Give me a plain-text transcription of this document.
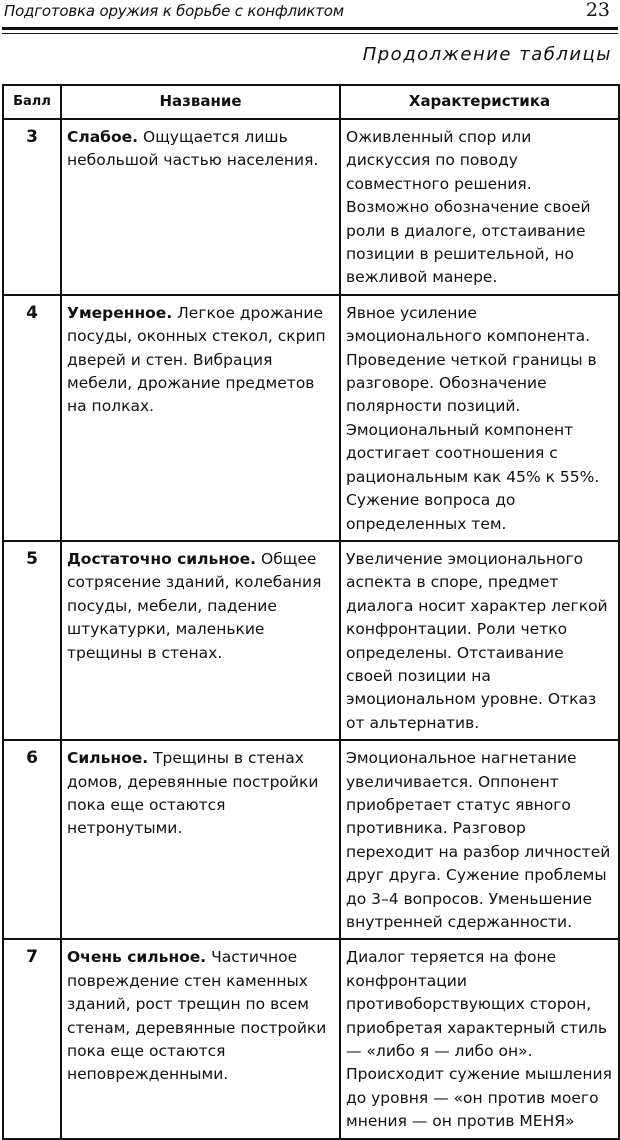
Подготовка оружия к борьбе с конфликтом	23
Продолжение таблицы
Балл	Название	Характеристика
3	Слабое. Ощущается лишь небольшой частью населения.	Оживленный спор или дискуссия по поводу совместного решения. Возможно обозначение своей роли в диалоге, отстаивание позиции в решительной, но вежливой манере.
4	Умеренное. Легкое дрожание посуды, оконных стекол, скрип дверей и стен. Вибрация мебели, дрожание предметов на полках.	Явное усиление эмоционального компонента. Проведение четкой границы в разговоре. Обозначение полярности позиций. Эмоциональный компонент достигает соотношения с рациональным как 45% к 55%. Сужение вопроса до определенных тем.
5	Достаточно сильное. Общее сотрясение зданий, колебания посуды, мебели, падение штукатурки, маленькие трещины в стенах.	Увеличение эмоционального аспекта в споре, предмет диалога носит характер легкой конфронтации. Роли четко определены. Отстаивание своей позиции на эмоциональном уровне. Отказ от альтернатив.
6	Сильное. Трещины в стенах домов, деревянные постройки пока еще остаются нетронутыми.	Эмоциональное нагнетание увеличивается. Оппонент приобретает статус явного противника. Разговор переходит на разбор личностей друг друга. Сужение проблемы до 3–4 вопросов. Уменьшение внутренней сдержанности.
7	Очень сильное. Частичное повреждение стен каменных зданий, рост трещин по всем стенам, деревянные постройки пока еще остаются неповрежденными.	Диалог теряется на фоне конфронтации противоборствующих сторон, приобретая характерный стиль — «либо я — либо он». Происходит сужение мышления до уровня — «он против моего мнения — он против МЕНЯ»
